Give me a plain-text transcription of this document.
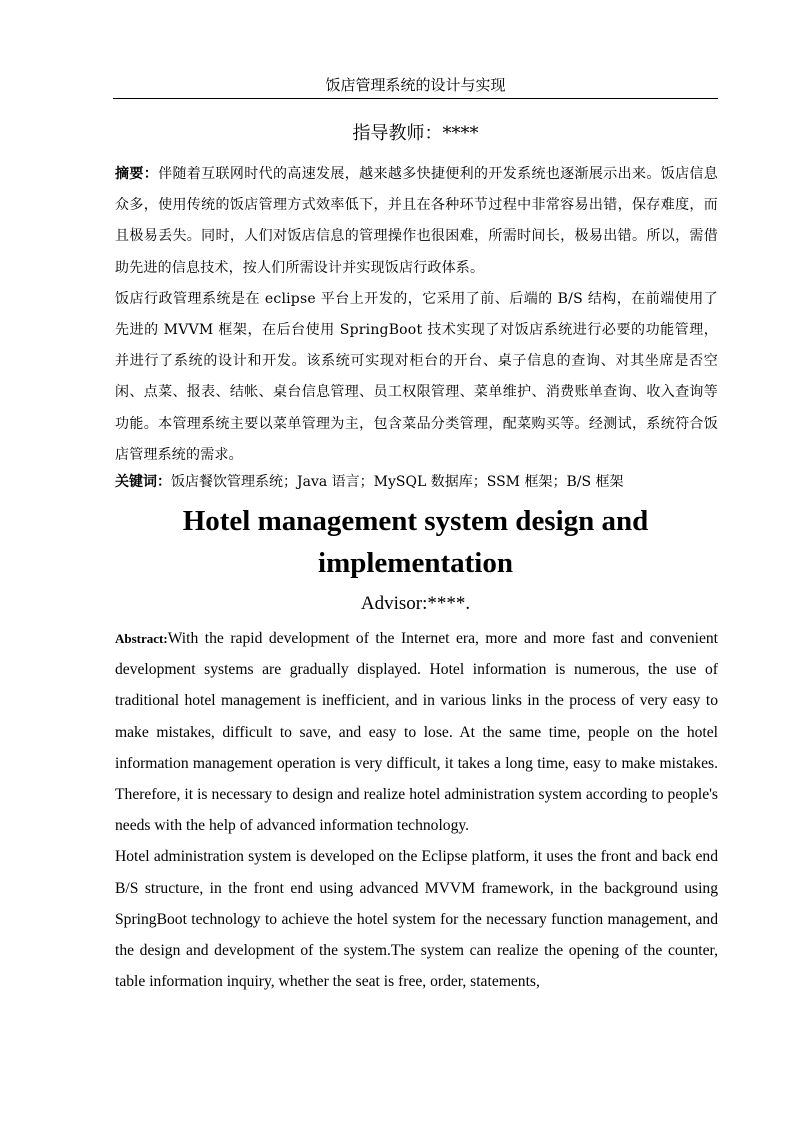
饭店管理系统的设计与实现
指导教师：****

摘要：伴随着互联网时代的高速发展，越来越多快捷便利的开发系统也逐渐展示出来。饭店信息众多，使用传统的饭店管理方式效率低下，并且在各种环节过程中非常容易出错，保存难度，而且极易丢失。同时，人们对饭店信息的管理操作也很困难，所需时间长，极易出错。所以，需借助先进的信息技术，按人们所需设计并实现饭店行政体系。

饭店行政管理系统是在 eclipse 平台上开发的，它采用了前、后端的 B/S 结构，在前端使用了先进的 MVVM 框架，在后台使用 SpringBoot 技术实现了对饭店系统进行必要的功能管理，并进行了系统的设计和开发。该系统可实现对柜台的开台、桌子信息的查询、对其坐席是否空闲、点菜、报表、结帐、桌台信息管理、员工权限管理、菜单维护、消费账单查询、收入查询等功能。本管理系统主要以菜单管理为主，包含菜品分类管理，配菜购买等。经测试，系统符合饭店管理系统的需求。

关键词：饭店餐饮管理系统；Java 语言；MySQL 数据库；SSM 框架；B/S 框架
Hotel management system design and
implementation
Advisor:****.

Abstract:With the rapid development of the Internet era, more and more fast and convenient development systems are gradually displayed. Hotel information is numerous, the use of traditional hotel management is inefficient, and in various links in the process of very easy to make mistakes, difficult to save, and easy to lose. At the same time, people on the hotel information management operation is very difficult, it takes a long time, easy to make mistakes. Therefore, it is necessary to design and realize hotel administration system according to people's needs with the help of advanced information technology.

Hotel administration system is developed on the Eclipse platform, it uses the front and back end B/S structure, in the front end using advanced MVVM framework, in the background using SpringBoot technology to achieve the hotel system for the necessary function management, and the design and development of the system.The system can realize the opening of the counter, table information inquiry, whether the seat is free, order, statements,
